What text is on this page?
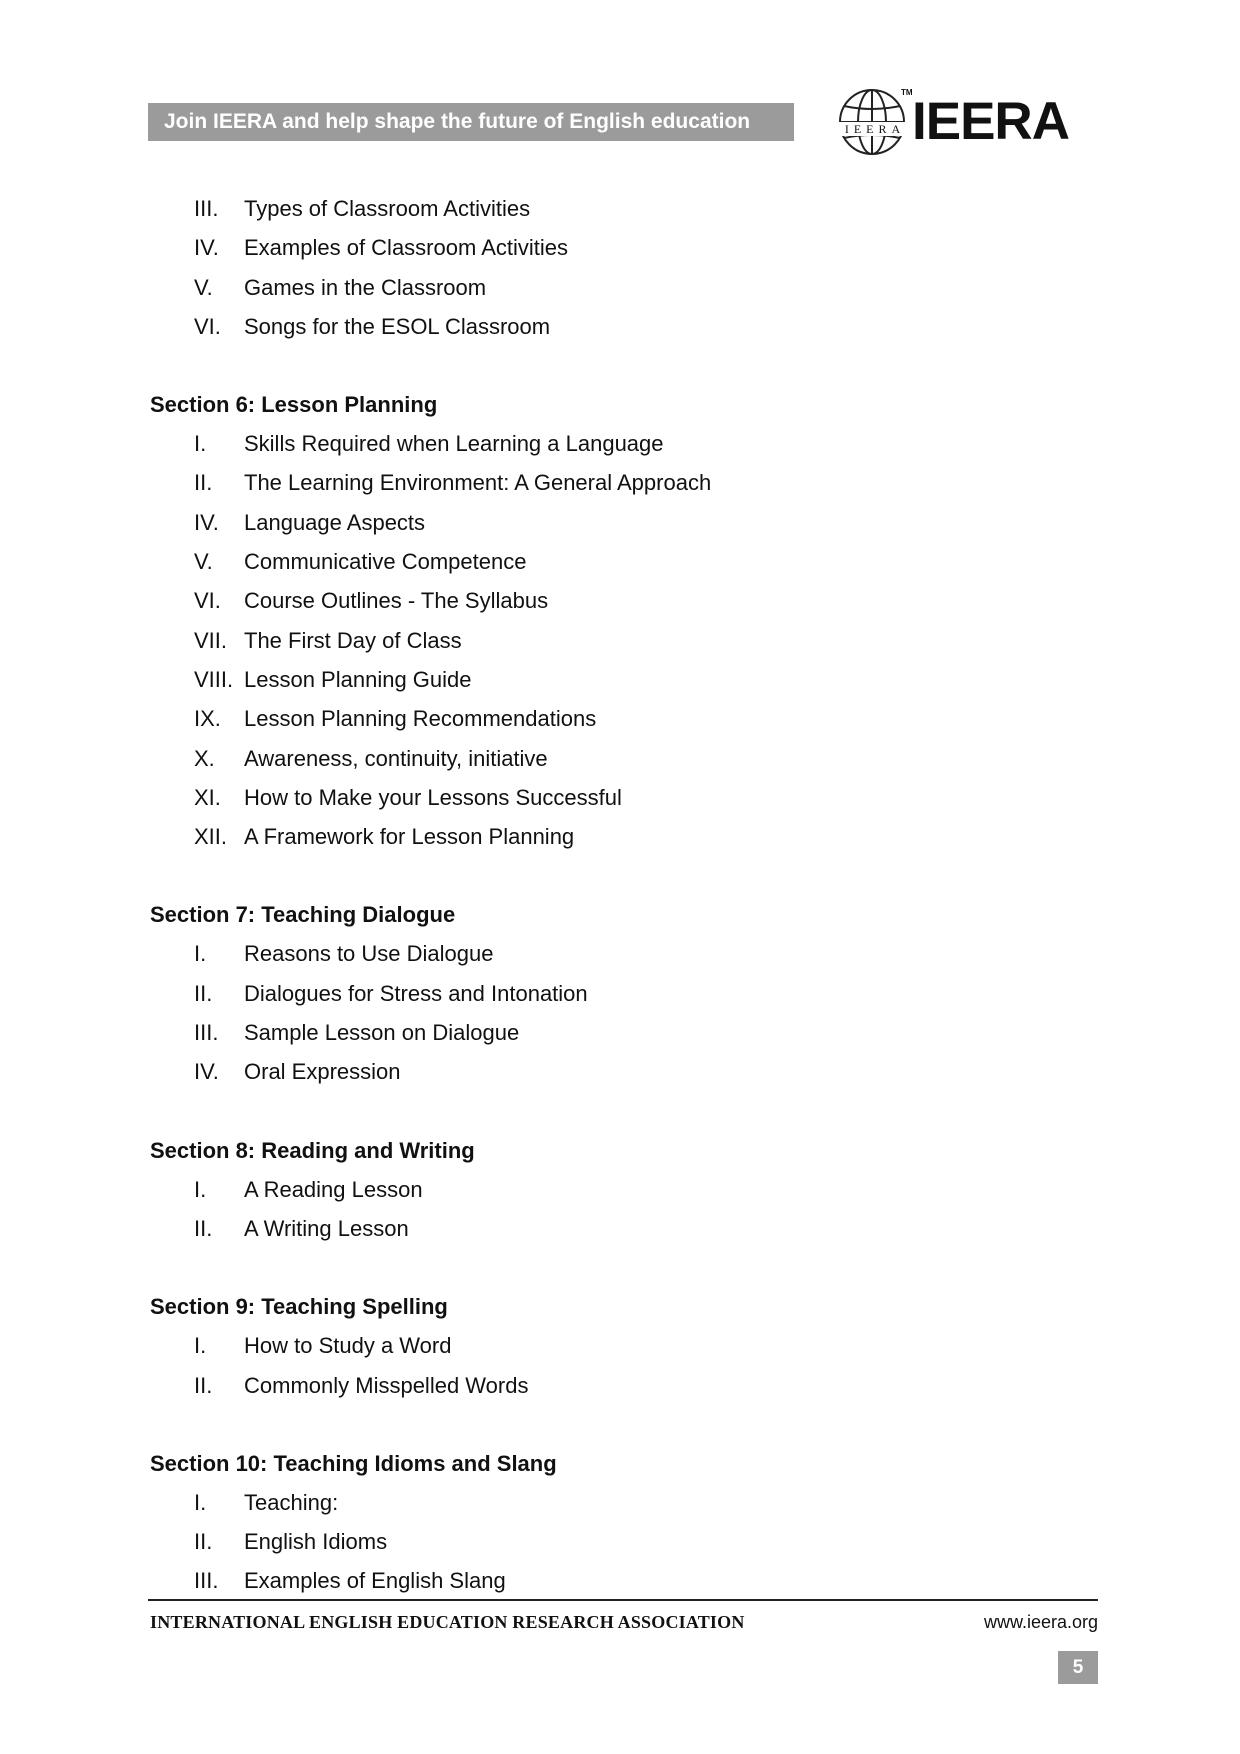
Join IEERA and help shape the future of English education	IEERA
TM IEERA
III. Types of Classroom Activities
IV. Examples of Classroom Activities
V. Games in the Classroom
VI. Songs for the ESOL Classroom
Section 6: Lesson Planning
I. Skills Required when Learning a Language
II. The Learning Environment: A General Approach
IV. Language Aspects
V. Communicative Competence
VI. Course Outlines - The Syllabus
VII. The First Day of Class
VIII. Lesson Planning Guide
IX. Lesson Planning Recommendations
X. Awareness, continuity, initiative
XI. How to Make your Lessons Successful
XII. A Framework for Lesson Planning
Section 7: Teaching Dialogue
I. Reasons to Use Dialogue
II. Dialogues for Stress and Intonation
III. Sample Lesson on Dialogue
IV. Oral Expression
Section 8: Reading and Writing
I. A Reading Lesson
II. A Writing Lesson
Section 9: Teaching Spelling
I. How to Study a Word
II. Commonly Misspelled Words
Section 10: Teaching Idioms and Slang
I. Teaching:
II. English Idioms
III. Examples of English Slang
INTERNATIONAL ENGLISH EDUCATION RESEARCH ASSOCIATION	www.ieera.org
5
